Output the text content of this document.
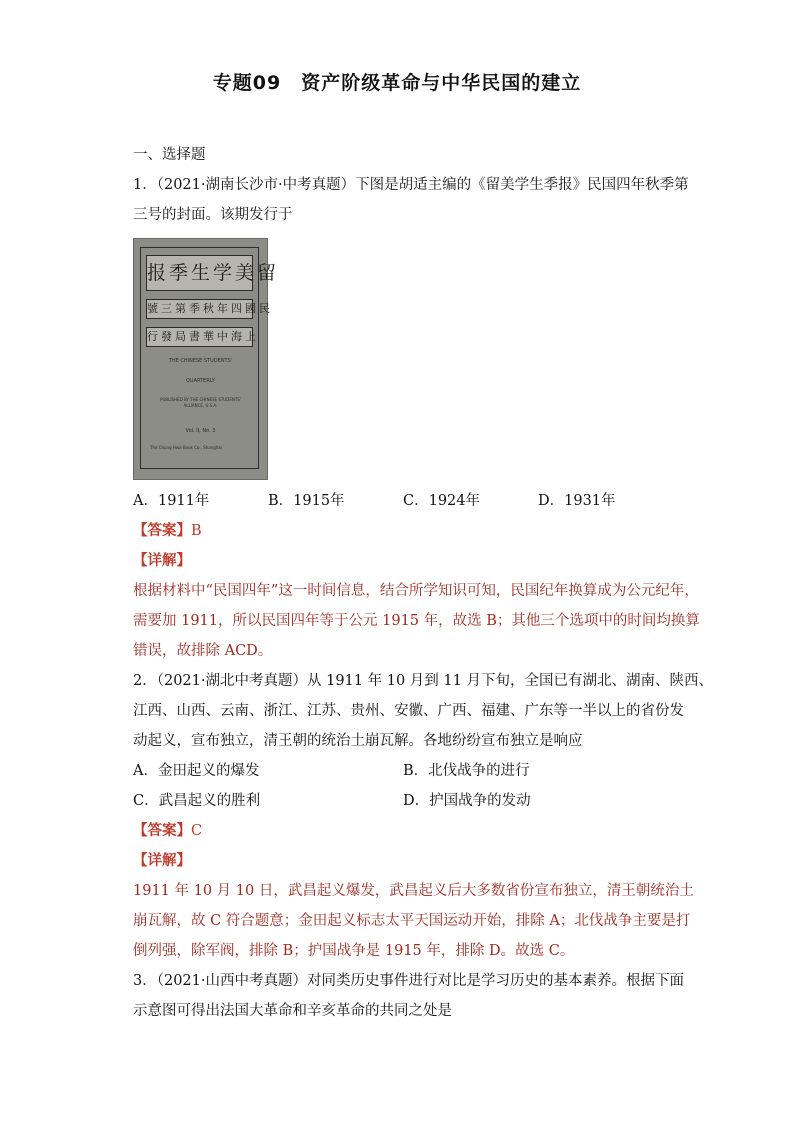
专题09　资产阶级革命与中华民国的建立
一、选择题
1．（2021·湖南长沙市·中考真题）下图是胡适主编的《留美学生季报》民国四年秋季第
三号的封面。该期发行于
报季生学美留
號三第季秋年四國民
行發局書華中海上
THE CHINESE STUDENTS'
QUARTERLY
PUBLISHED BY THE CHINESE STUDENTS' ALLIANCE, U.S.A.
Vol. II, No. 3
The Chung Hwa Book Co., Shanghai
A．1911年	B．1915年	C．1924年	D．1931年
【答案】B
【详解】
根据材料中“民国四年”这一时间信息，结合所学知识可知，民国纪年换算成为公元纪年，
需要加 1911，所以民国四年等于公元 1915 年，故选 B；其他三个选项中的时间均换算
错误，故排除 ACD。
2．（2021·湖北中考真题）从 1911 年 10 月到 11 月下旬，全国已有湖北、湖南、陕西、
江西、山西、云南、浙江、江苏、贵州、安徽、广西、福建、广东等一半以上的省份发
动起义，宣布独立，清王朝的统治土崩瓦解。各地纷纷宣布独立是响应
A．金田起义的爆发	B．北伐战争的进行
C．武昌起义的胜利	D．护国战争的发动
【答案】C
【详解】
1911 年 10 月 10 日，武昌起义爆发，武昌起义后大多数省份宣布独立，清王朝统治土
崩瓦解，故 C 符合题意；金田起义标志太平天国运动开始，排除 A；北伐战争主要是打
倒列强，除军阀，排除 B；护国战争是 1915 年，排除 D。故选 C。
3．（2021·山西中考真题）对同类历史事件进行对比是学习历史的基本素养。根据下面
示意图可得出法国大革命和辛亥革命的共同之处是
